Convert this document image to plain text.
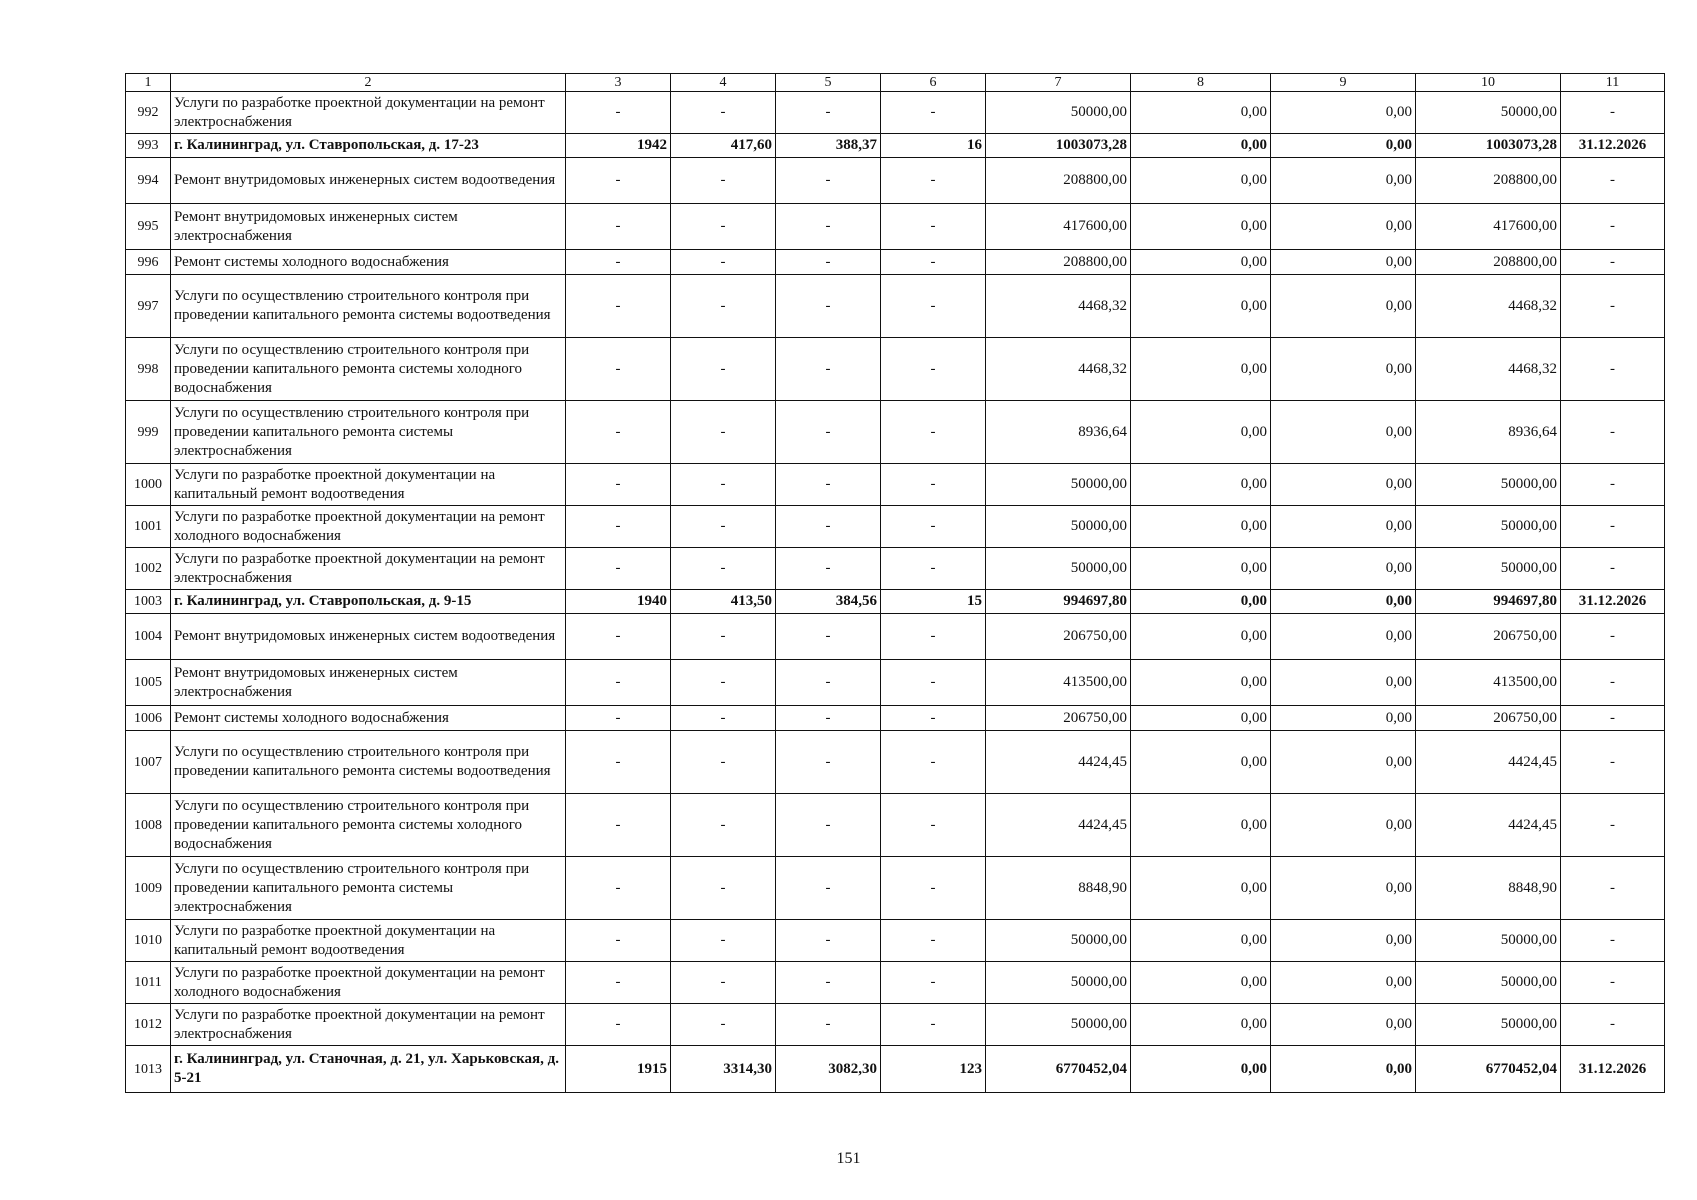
1	2	3	4	5	6	7	8	9	10	11
992	Услуги по разработке проектной документации на ремонт электроснабжения	-	-	-	-	50000,00	0,00	0,00	50000,00	-
993	г. Калининград, ул. Ставропольская, д. 17-23	1942	417,60	388,37	16	1003073,28	0,00	0,00	1003073,28	31.12.2026
994	Ремонт внутридомовых инженерных систем водоотведения	-	-	-	-	208800,00	0,00	0,00	208800,00	-
995	Ремонт внутридомовых инженерных систем электроснабжения	-	-	-	-	417600,00	0,00	0,00	417600,00	-
996	Ремонт системы холодного водоснабжения	-	-	-	-	208800,00	0,00	0,00	208800,00	-
997	Услуги по осуществлению строительного контроля при проведении капитального ремонта системы водоотведения	-	-	-	-	4468,32	0,00	0,00	4468,32	-
998	Услуги по осуществлению строительного контроля при проведении капитального ремонта системы холодного водоснабжения	-	-	-	-	4468,32	0,00	0,00	4468,32	-
999	Услуги по осуществлению строительного контроля при проведении капитального ремонта системы электроснабжения	-	-	-	-	8936,64	0,00	0,00	8936,64	-
1000	Услуги по разработке проектной документации на капитальный ремонт водоотведения	-	-	-	-	50000,00	0,00	0,00	50000,00	-
1001	Услуги по разработке проектной документации на ремонт холодного водоснабжения	-	-	-	-	50000,00	0,00	0,00	50000,00	-
1002	Услуги по разработке проектной документации на ремонт электроснабжения	-	-	-	-	50000,00	0,00	0,00	50000,00	-
1003	г. Калининград, ул. Ставропольская, д. 9-15	1940	413,50	384,56	15	994697,80	0,00	0,00	994697,80	31.12.2026
1004	Ремонт внутридомовых инженерных систем водоотведения	-	-	-	-	206750,00	0,00	0,00	206750,00	-
1005	Ремонт внутридомовых инженерных систем электроснабжения	-	-	-	-	413500,00	0,00	0,00	413500,00	-
1006	Ремонт системы холодного водоснабжения	-	-	-	-	206750,00	0,00	0,00	206750,00	-
1007	Услуги по осуществлению строительного контроля при проведении капитального ремонта системы водоотведения	-	-	-	-	4424,45	0,00	0,00	4424,45	-
1008	Услуги по осуществлению строительного контроля при проведении капитального ремонта системы холодного водоснабжения	-	-	-	-	4424,45	0,00	0,00	4424,45	-
1009	Услуги по осуществлению строительного контроля при проведении капитального ремонта системы электроснабжения	-	-	-	-	8848,90	0,00	0,00	8848,90	-
1010	Услуги по разработке проектной документации на капитальный ремонт водоотведения	-	-	-	-	50000,00	0,00	0,00	50000,00	-
1011	Услуги по разработке проектной документации на ремонт холодного водоснабжения	-	-	-	-	50000,00	0,00	0,00	50000,00	-
1012	Услуги по разработке проектной документации на ремонт электроснабжения	-	-	-	-	50000,00	0,00	0,00	50000,00	-
1013	г. Калининград, ул. Станочная, д. 21, ул. Харьковская, д. 5-21	1915	3314,30	3082,30	123	6770452,04	0,00	0,00	6770452,04	31.12.2026
151
